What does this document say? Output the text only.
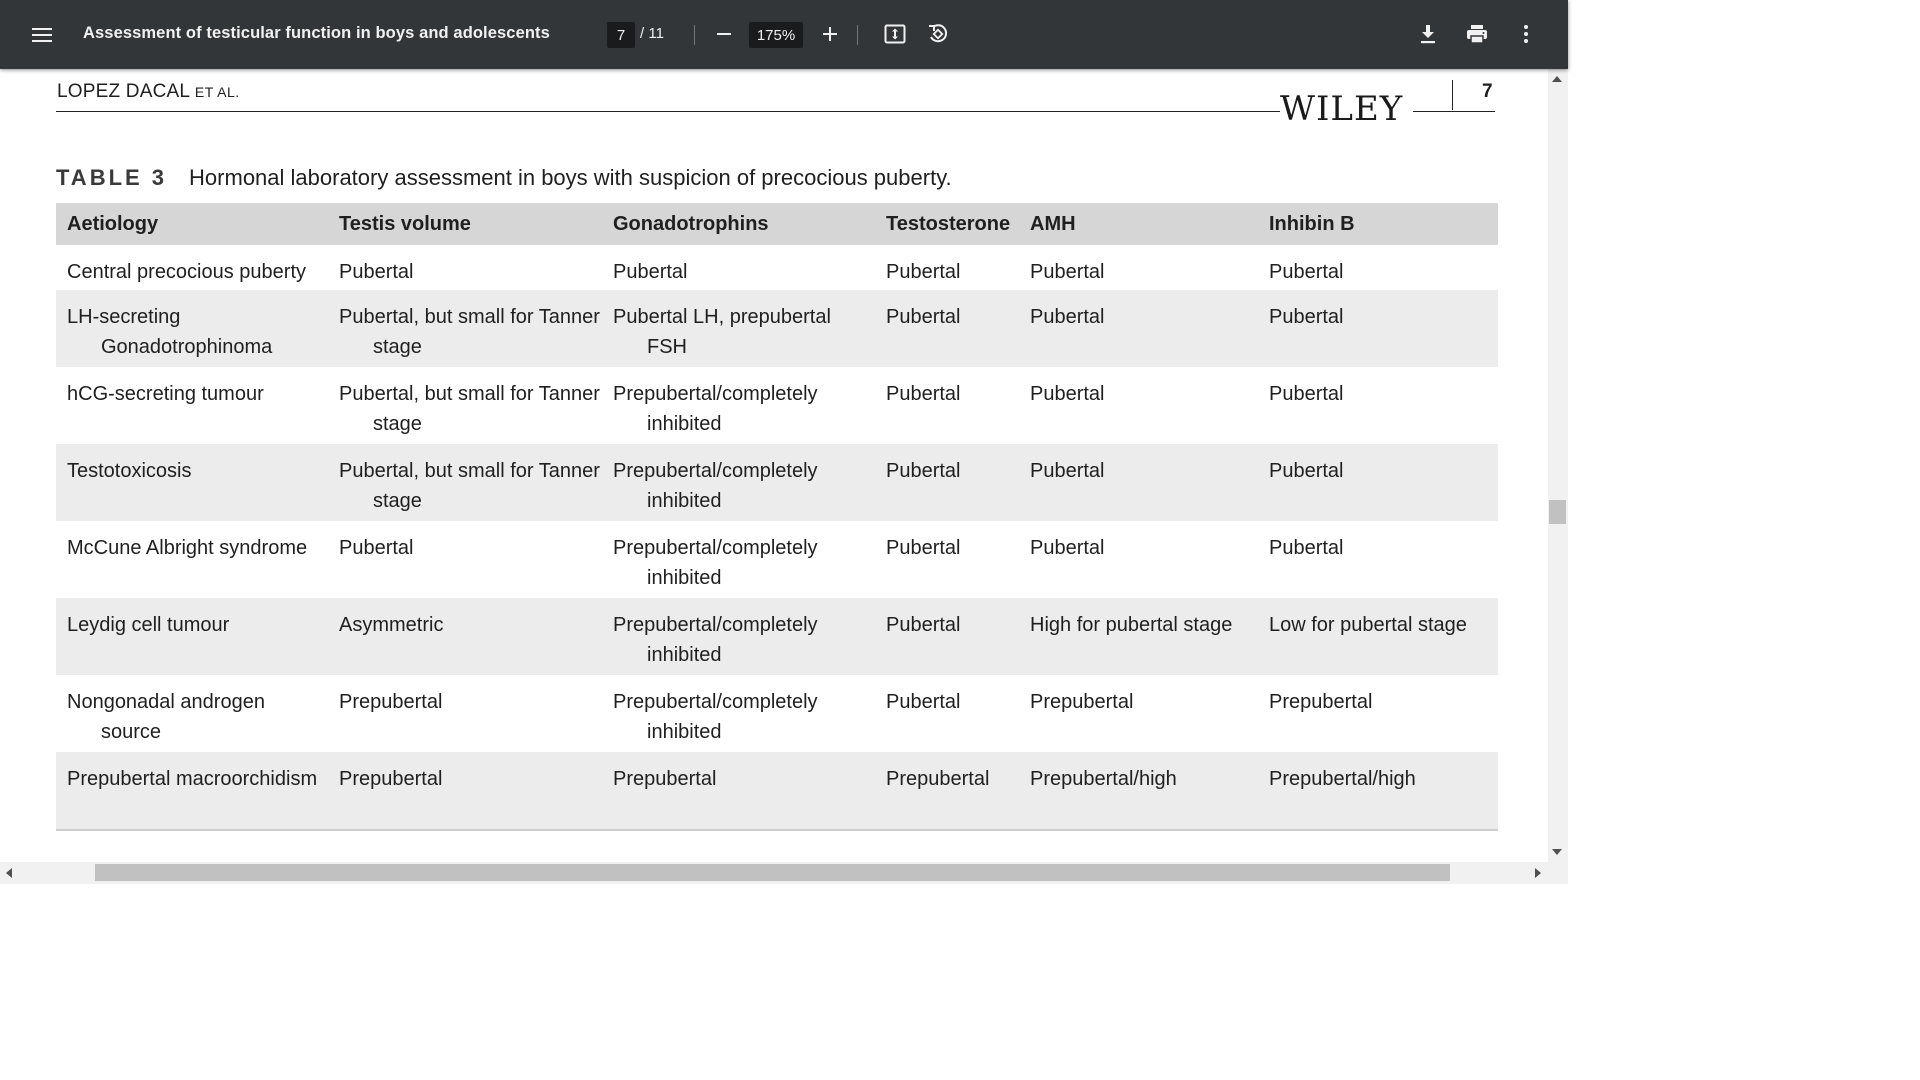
Assessment of testicular function in boys and adolescents	7 / 11	175%
LOPEZ DACAL ET AL.	WILEY	7
TABLE 3 Hormonal laboratory assessment in boys with suspicion of precocious puberty.
Aetiology	Testis volume	Gonadotrophins	Testosterone	AMH	Inhibin B

Central precocious puberty	Pubertal	Pubertal	Pubertal	Pubertal	Pubertal

LH-secreting Gonadotrophinoma	Pubertal, but small for Tanner stage	Pubertal LH, prepubertal FSH	Pubertal	Pubertal	Pubertal

hCG-secreting tumour	Pubertal, but small for Tanner stage	Prepubertal/completely inhibited	Pubertal	Pubertal	Pubertal

Testotoxicosis	Pubertal, but small for Tanner stage	Prepubertal/completely inhibited	Pubertal	Pubertal	Pubertal

McCune Albright syndrome	Pubertal	Prepubertal/completely inhibited	Pubertal	Pubertal	Pubertal

Leydig cell tumour	Asymmetric	Prepubertal/completely inhibited	Pubertal	High for pubertal stage	Low for pubertal stage

Nongonadal androgen source	Prepubertal	Prepubertal/completely inhibited	Pubertal	Prepubertal	Prepubertal

Prepubertal macroorchidism	Prepubertal	Prepubertal	Prepubertal	Prepubertal/high	Prepubertal/high
